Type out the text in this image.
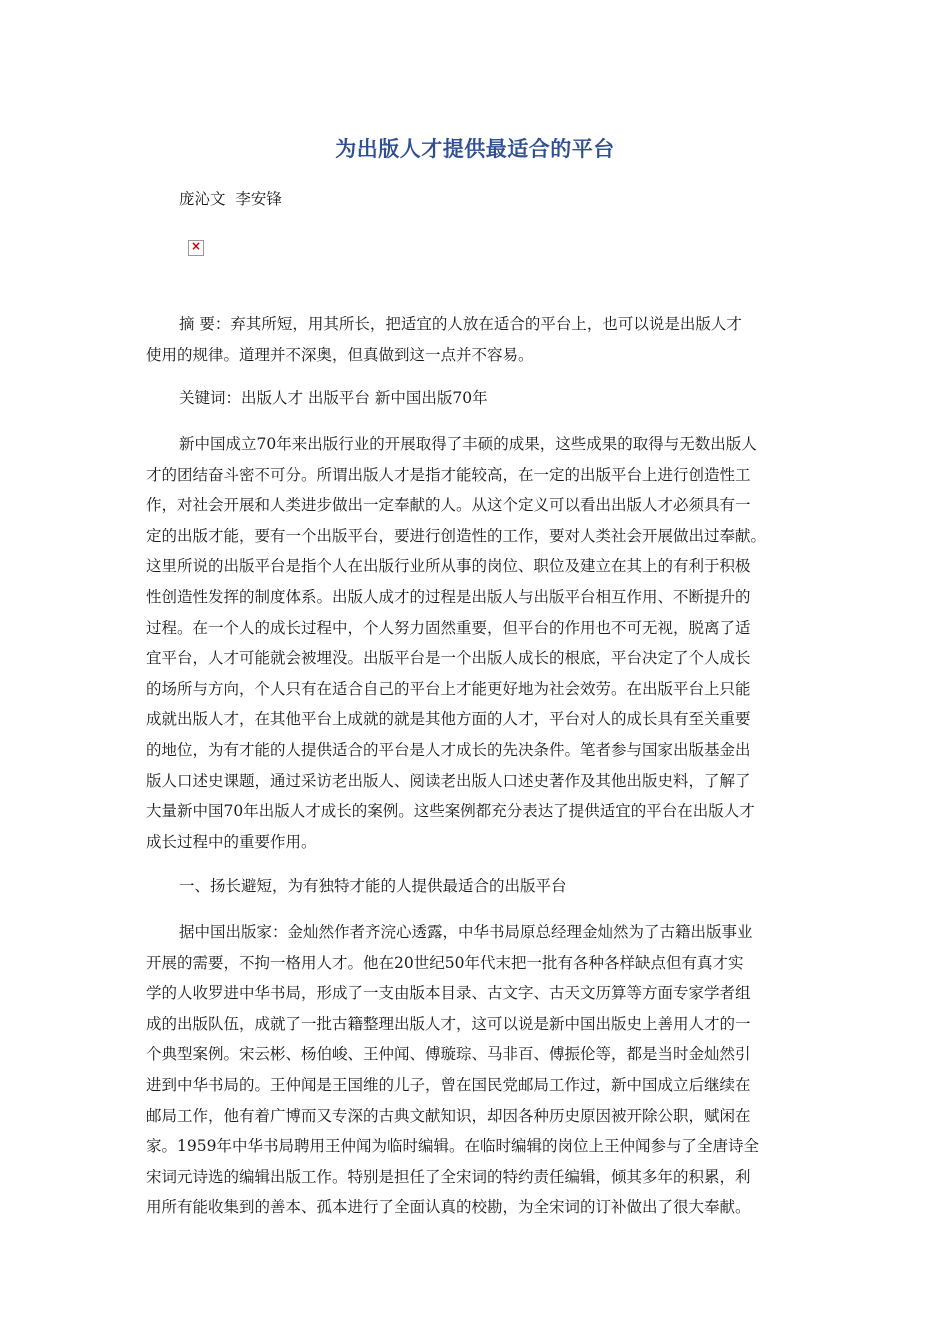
为出版人才提供最适合的平台
庞沁文  李安锋
×
摘 要：弃其所短，用其所长，把适宜的人放在适合的平台上，也可以说是出版人才
使用的规律。道理并不深奥，但真做到这一点并不容易。
关键词：出版人才 出版平台 新中国出版70年
新中国成立70年来出版行业的开展取得了丰硕的成果，这些成果的取得与无数出版人
才的团结奋斗密不可分。所谓出版人才是指才能较高，在一定的出版平台上进行创造性工
作，对社会开展和人类进步做出一定奉献的人。从这个定义可以看出出版人才必须具有一
定的出版才能，要有一个出版平台，要进行创造性的工作，要对人类社会开展做出过奉献。
这里所说的出版平台是指个人在出版行业所从事的岗位、职位及建立在其上的有利于积极
性创造性发挥的制度体系。出版人成才的过程是出版人与出版平台相互作用、不断提升的
过程。在一个人的成长过程中，个人努力固然重要，但平台的作用也不可无视，脱离了适
宜平台，人才可能就会被埋没。出版平台是一个出版人成长的根底，平台决定了个人成长
的场所与方向，个人只有在适合自己的平台上才能更好地为社会效劳。在出版平台上只能
成就出版人才，在其他平台上成就的就是其他方面的人才，平台对人的成长具有至关重要
的地位，为有才能的人提供适合的平台是人才成长的先决条件。笔者参与国家出版基金出
版人口述史课题，通过采访老出版人、阅读老出版人口述史著作及其他出版史料，了解了
大量新中国70年出版人才成长的案例。这些案例都充分表达了提供适宜的平台在出版人才
成长过程中的重要作用。
一、扬长避短，为有独特才能的人提供最适合的出版平台
据中国出版家：金灿然作者齐浣心透露，中华书局原总经理金灿然为了古籍出版事业
开展的需要，不拘一格用人才。他在20世纪50年代末把一批有各种各样缺点但有真才实
学的人收罗进中华书局，形成了一支由版本目录、古文字、古天文历算等方面专家学者组
成的出版队伍，成就了一批古籍整理出版人才，这可以说是新中国出版史上善用人才的一
个典型案例。宋云彬、杨伯峻、王仲闻、傅璇琮、马非百、傅振伦等，都是当时金灿然引
进到中华书局的。王仲闻是王国维的儿子，曾在国民党邮局工作过，新中国成立后继续在
邮局工作，他有着广博而又专深的古典文献知识，却因各种历史原因被开除公职，赋闲在
家。1959年中华书局聘用王仲闻为临时编辑。在临时编辑的岗位上王仲闻参与了全唐诗全
宋词元诗选的编辑出版工作。特别是担任了全宋词的特约责任编辑，倾其多年的积累，利
用所有能收集到的善本、孤本进行了全面认真的校勘，为全宋词的订补做出了很大奉献。
